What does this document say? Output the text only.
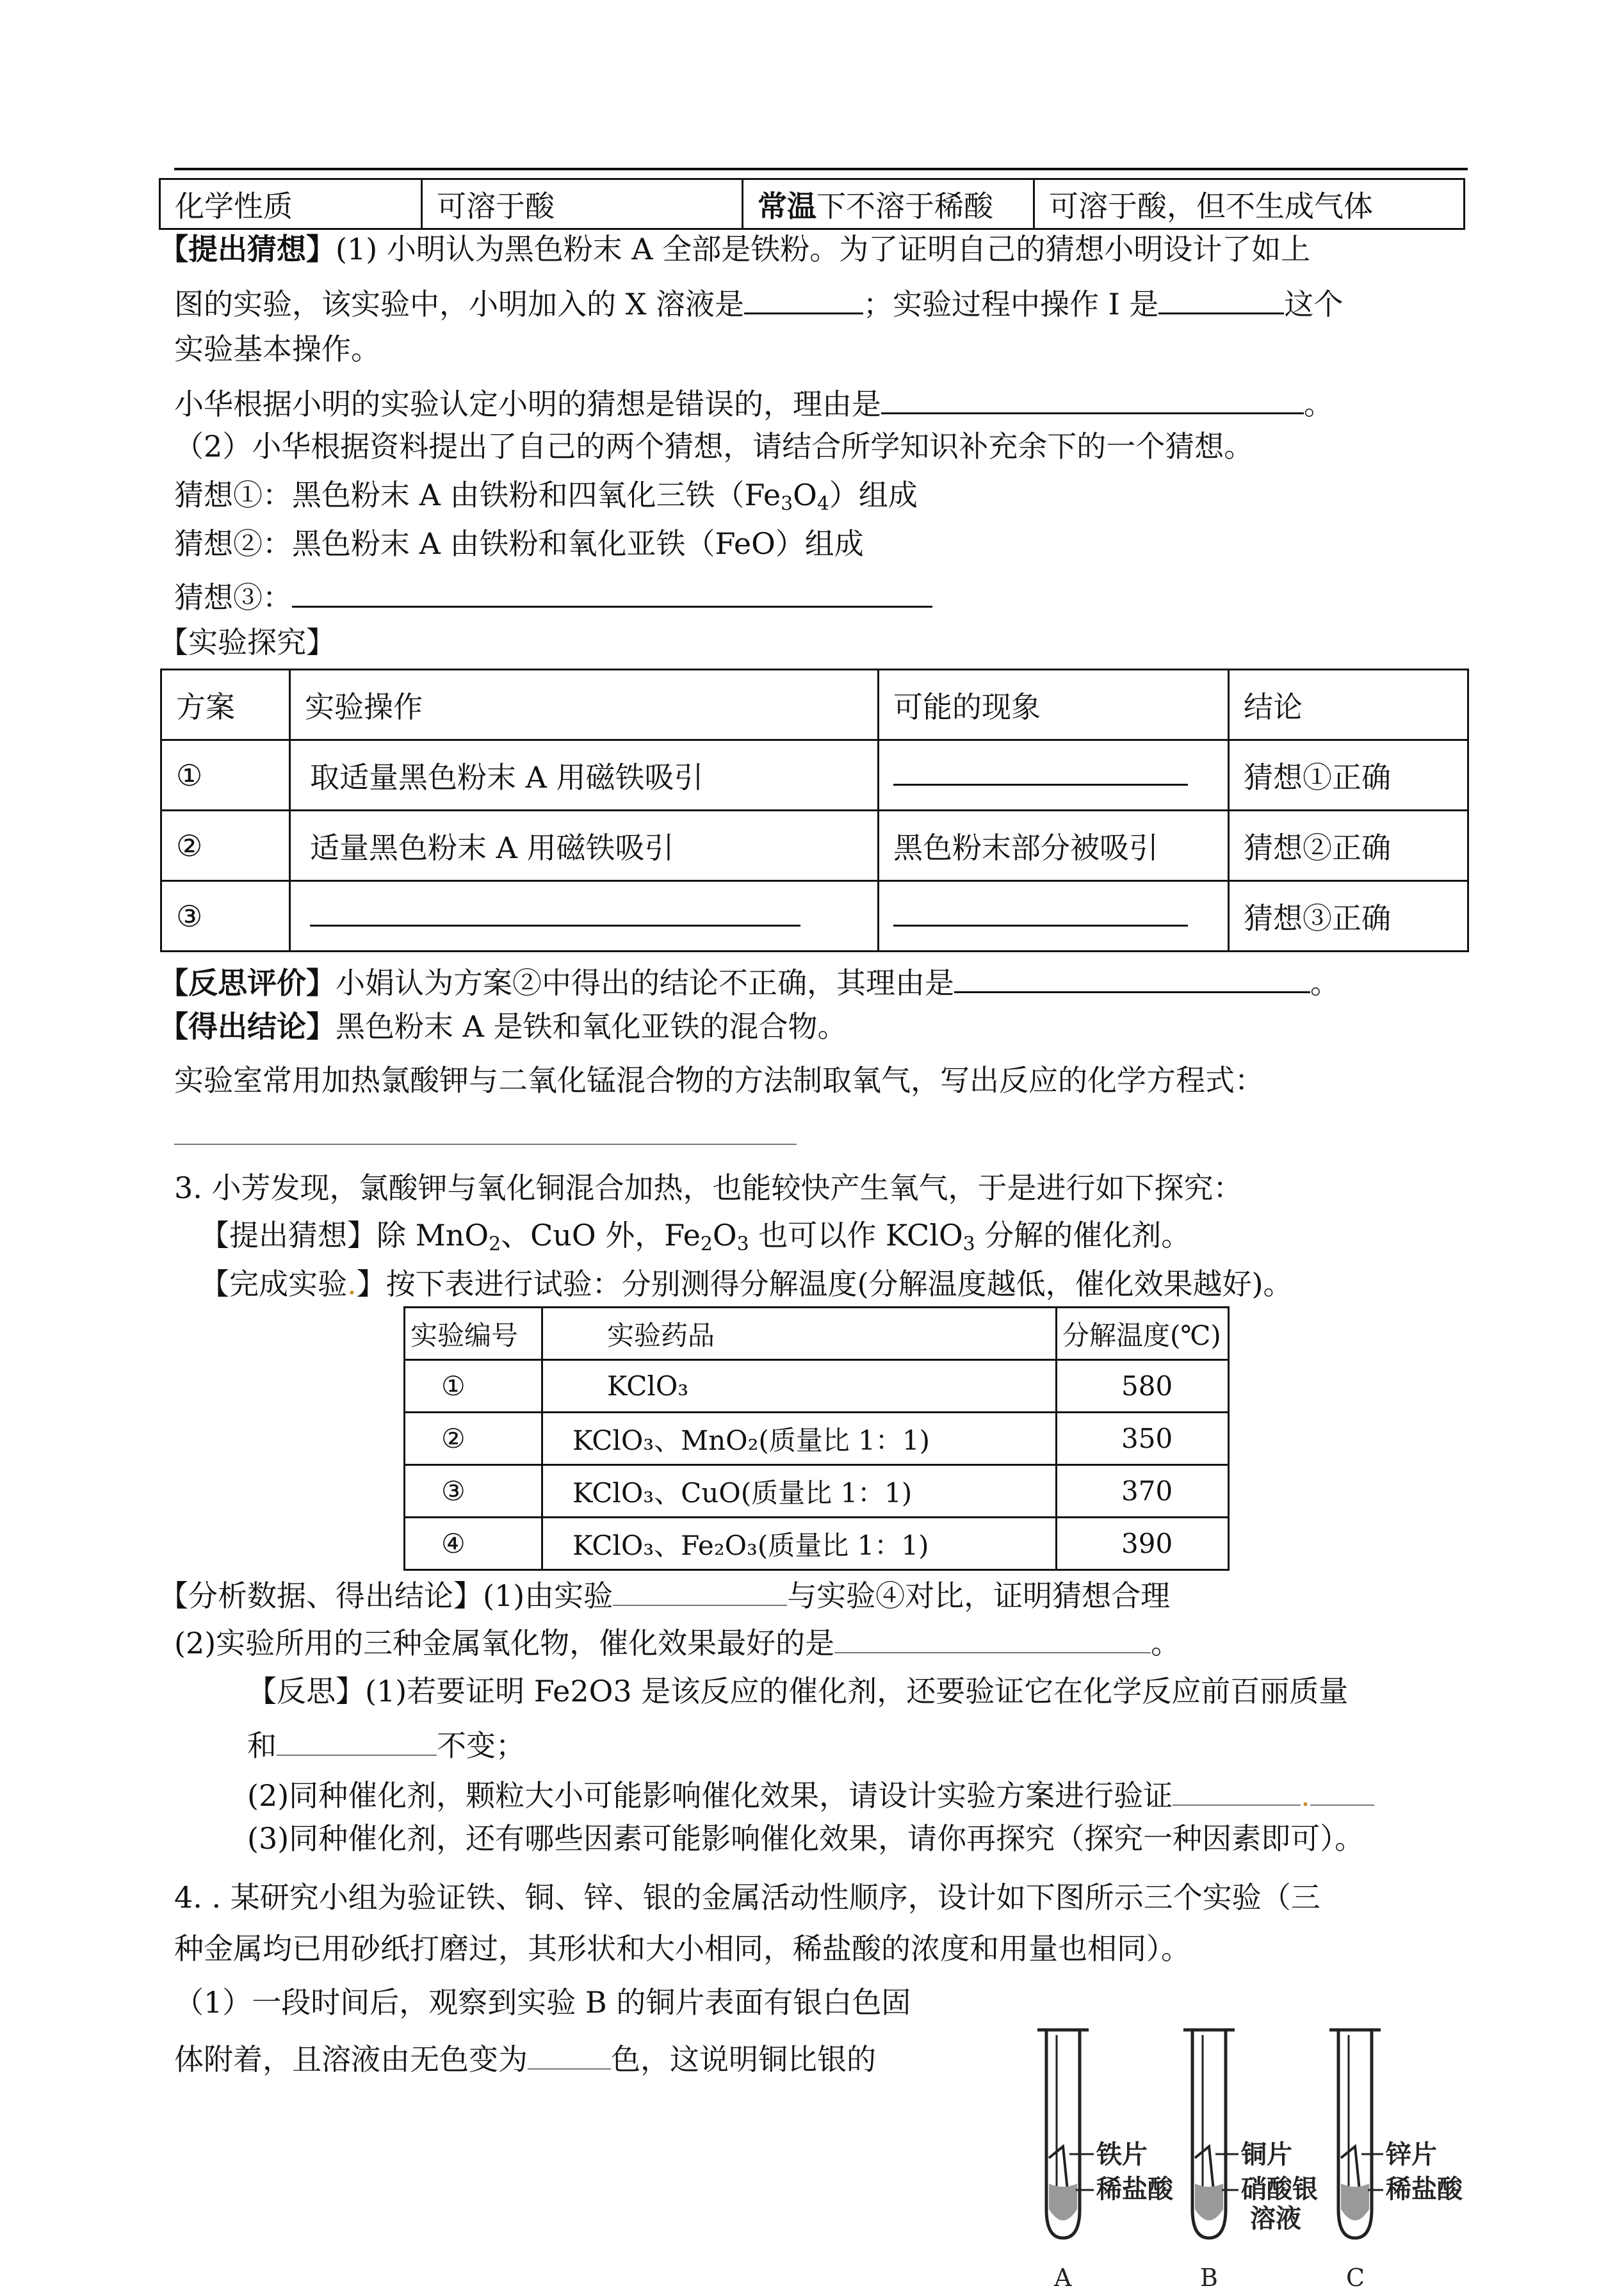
化学性质	可溶于酸	常温下不溶于稀酸	可溶于酸，但不生成气体
【提出猜想】(1) 小明认为黑色粉末 A 全部是铁粉。为了证明自己的猜想小明设计了如上
图的实验，该实验中，小明加入的 X 溶液是	；实验过程中操作 I 是	这个
实验基本操作。
小华根据小明的实验认定小明的猜想是错误的，理由是	。
（2）小华根据资料提出了自己的两个猜想，请结合所学知识补充余下的一个猜想。
猜想①：黑色粉末 A 由铁粉和四氧化三铁$(Fe_3O_4)$组成
猜想②：黑色粉末 A 由铁粉和氧化亚铁（FeO）组成
猜想③：
【实验探究】
方案	实验操作	可能的现象	结论
①	取适量黑色粉末 A 用磁铁吸引		猜想①正确
②	适量黑色粉末 A 用磁铁吸引	黑色粉末部分被吸引	猜想②正确
③			猜想③正确
【反思评价】小娟认为方案②中得出的结论不正确，其理由是	。
【得出结论】黑色粉末 A 是铁和氧化亚铁的混合物。
实验室常用加热氯酸钾与二氧化锰混合物的方法制取氧气，写出反应的化学方程式：
3. 小芳发现，氯酸钾与氧化铜混合加热，也能较快产生氧气，于是进行如下探究：
【提出猜想】除 MnO$_2$、CuO 外，$Fe_2O_3$ 也可以作 KClO$_3$ 分解的催化剂。
【完成实验.】按下表进行试验：分别测得分解温度(分解温度越低，催化效果越好)。
实验编号	实验药品	分解温度(℃)
①	KClO₃	580
②	KClO₃、MnO₂(质量比 1：1)	350
③	KClO₃、CuO(质量比 1：1)	370
④	KClO₃、Fe₂O₃(质量比 1：1)	390
【分析数据、得出结论】(1)由实验	与实验④对比，证明猜想合理
(2)实验所用的三种金属氧化物，催化效果最好的是	。
【反思】(1)若要证明 Fe2O3 是该反应的催化剂，还要验证它在化学反应前百丽质量
和	不变；
(2)同种催化剂，颗粒大小可能影响催化效果，请设计实验方案进行验证	.
(3)同种催化剂，还有哪些因素可能影响催化效果，请你再探究（探究一种因素即可）。
4. . 某研究小组为验证铁、铜、锌、银的金属活动性顺序，设计如下图所示三个实验（三
种金属均已用砂纸打磨过，其形状和大小相同，稀盐酸的浓度和用量也相同）。
（1）一段时间后，观察到实验 B 的铜片表面有银白色固
体附着，且溶液由无色变为	色，这说明铜比银的
铁片
稀盐酸
A
铜片
硝酸银
溶液
B
锌片
稀盐酸
C
